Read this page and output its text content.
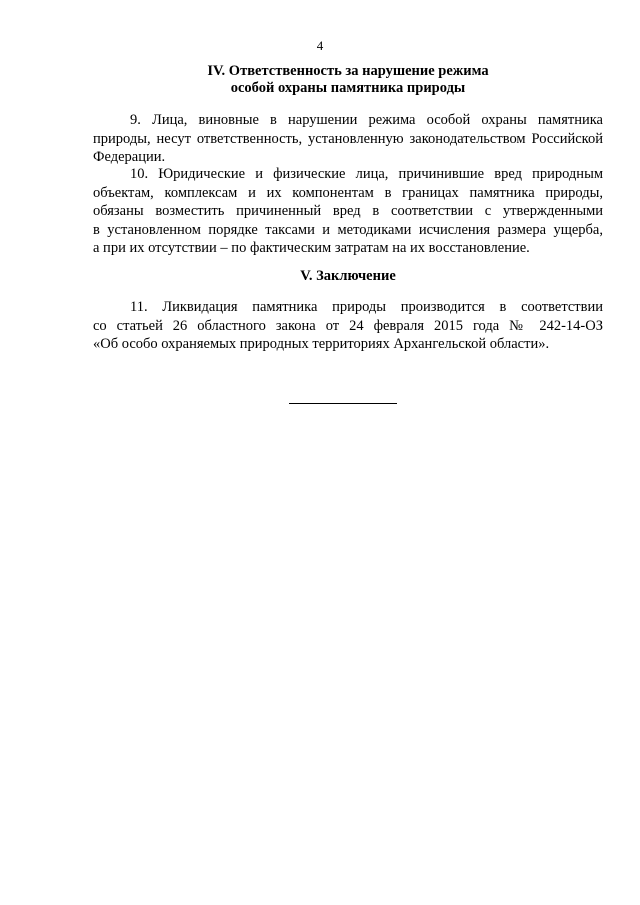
4
IV. Ответственность за нарушение режима
особой охраны памятника природы
9. Лица, виновные в нарушении режима особой охраны памятника
природы, несут ответственность, установленную законодательством Российской
Федерации.
10. Юридические и физические лица, причинившие вред природным
объектам, комплексам и их компонентам в границах памятника природы,
обязаны возместить причиненный вред в соответствии с утвержденными
в установленном порядке таксами и методиками исчисления размера ущерба,
а при их отсутствии – по фактическим затратам на их восстановление.
V. Заключение
11. Ликвидация памятника природы производится в соответствии
со статьей 26 областного закона от 24 февраля 2015 года № 242-14-ОЗ
«Об особо охраняемых природных территориях Архангельской области».
